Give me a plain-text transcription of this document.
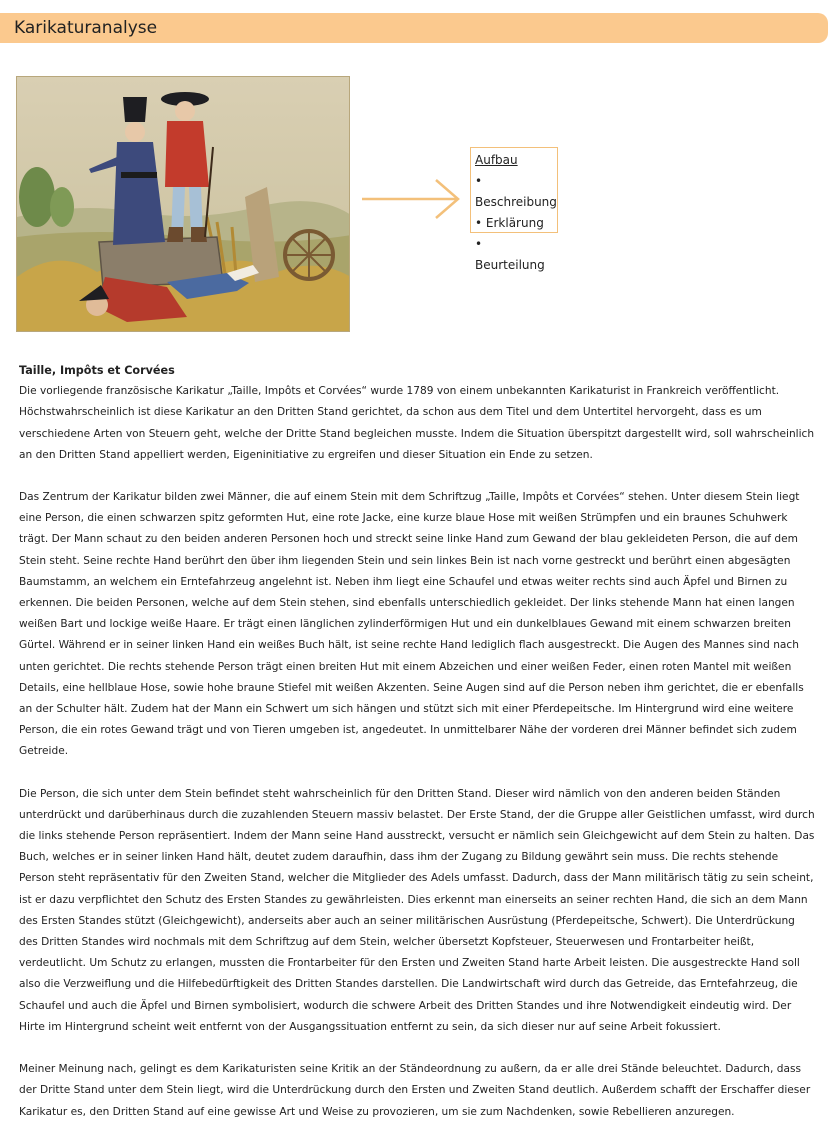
Karikaturanalyse
Aufbau
• Beschreibung
• Erklärung
• Beurteilung
Taille, Impôts et Corvées

Die vorliegende französische Karikatur „Taille, Impôts et Corvées“ wurde 1789 von einem unbekannten Karikaturist in Frankreich veröffentlicht. Höchstwahrscheinlich ist diese Karikatur an den Dritten Stand gerichtet, da schon aus dem Titel und dem Untertitel hervorgeht, dass es um verschiedene Arten von Steuern geht, welche der Dritte Stand begleichen musste. Indem die Situation überspitzt dargestellt wird, soll wahrscheinlich an den Dritten Stand appelliert werden, Eigeninitiative zu ergreifen und dieser Situation ein Ende zu setzen.

Das Zentrum der Karikatur bilden zwei Männer, die auf einem Stein mit dem Schriftzug „Taille, Impôts et Corvées“ stehen. Unter diesem Stein liegt eine Person, die einen schwarzen spitz geformten Hut, eine rote Jacke, eine kurze blaue Hose mit weißen Strümpfen und ein braunes Schuhwerk trägt. Der Mann schaut zu den beiden anderen Personen hoch und streckt seine linke Hand zum Gewand der blau gekleideten Person, die auf dem Stein steht. Seine rechte Hand berührt den über ihm liegenden Stein und sein linkes Bein ist nach vorne gestreckt und berührt einen abgesägten Baumstamm, an welchem ein Erntefahrzeug angelehnt ist. Neben ihm liegt eine Schaufel und etwas weiter rechts sind auch Äpfel und Birnen zu erkennen. Die beiden Personen, welche auf dem Stein stehen, sind ebenfalls unterschiedlich gekleidet. Der links stehende Mann hat einen langen weißen Bart und lockige weiße Haare. Er trägt einen länglichen zylinderförmigen Hut und ein dunkelblaues Gewand mit einem schwarzen breiten Gürtel. Während er in seiner linken Hand ein weißes Buch hält, ist seine rechte Hand lediglich flach ausgestreckt. Die Augen des Mannes sind nach unten gerichtet. Die rechts stehende Person trägt einen breiten Hut mit einem Abzeichen und einer weißen Feder, einen roten Mantel mit weißen Details, eine hellblaue Hose, sowie hohe braune Stiefel mit weißen Akzenten. Seine Augen sind auf die Person neben ihm gerichtet, die er ebenfalls an der Schulter hält. Zudem hat der Mann ein Schwert um sich hängen und stützt sich mit einer Pferdepeitsche. Im Hintergrund wird eine weitere Person, die ein rotes Gewand trägt und von Tieren umgeben ist, angedeutet. In unmittelbarer Nähe der vorderen drei Männer befindet sich zudem Getreide.

Die Person, die sich unter dem Stein befindet steht wahrscheinlich für den Dritten Stand. Dieser wird nämlich von den anderen beiden Ständen unterdrückt und darüberhinaus durch die zuzahlenden Steuern massiv belastet. Der Erste Stand, der die Gruppe aller Geistlichen umfasst, wird durch die links stehende Person repräsentiert. Indem der Mann seine Hand ausstreckt, versucht er nämlich sein Gleichgewicht auf dem Stein zu halten. Das Buch, welches er in seiner linken Hand hält, deutet zudem daraufhin, dass ihm der Zugang zu Bildung gewährt sein muss. Die rechts stehende Person steht repräsentativ für den Zweiten Stand, welcher die Mitglieder des Adels umfasst. Dadurch, dass der Mann militärisch tätig zu sein scheint, ist er dazu verpflichtet den Schutz des Ersten Standes zu gewährleisten. Dies erkennt man einerseits an seiner rechten Hand, die sich an dem Mann des Ersten Standes stützt (Gleichgewicht), anderseits aber auch an seiner militärischen Ausrüstung (Pferdepeitsche, Schwert). Die Unterdrückung des Dritten Standes wird nochmals mit dem Schriftzug auf dem Stein, welcher übersetzt Kopfsteuer, Steuerwesen und Frontarbeiter heißt, verdeutlicht. Um Schutz zu erlangen, mussten die Frontarbeiter für den Ersten und Zweiten Stand harte Arbeit leisten. Die ausgestreckte Hand soll also die Verzweiflung und die Hilfebedürftigkeit des Dritten Standes darstellen. Die Landwirtschaft wird durch das Getreide, das Erntefahrzeug, die Schaufel und auch die Äpfel und Birnen symbolisiert, wodurch die schwere Arbeit des Dritten Standes und ihre Notwendigkeit eindeutig wird. Der Hirte im Hintergrund scheint weit entfernt von der Ausgangssituation entfernt zu sein, da sich dieser nur auf seine Arbeit fokussiert.

Meiner Meinung nach, gelingt es dem Karikaturisten seine Kritik an der Ständeordnung zu außern, da er alle drei Stände beleuchtet. Dadurch, dass der Dritte Stand unter dem Stein liegt, wird die Unterdrückung durch den Ersten und Zweiten Stand deutlich. Außerdem schafft der Erschaffer dieser Karikatur es, den Dritten Stand auf eine gewisse Art und Weise zu provozieren, um sie zum Nachdenken, sowie Rebellieren anzuregen.
